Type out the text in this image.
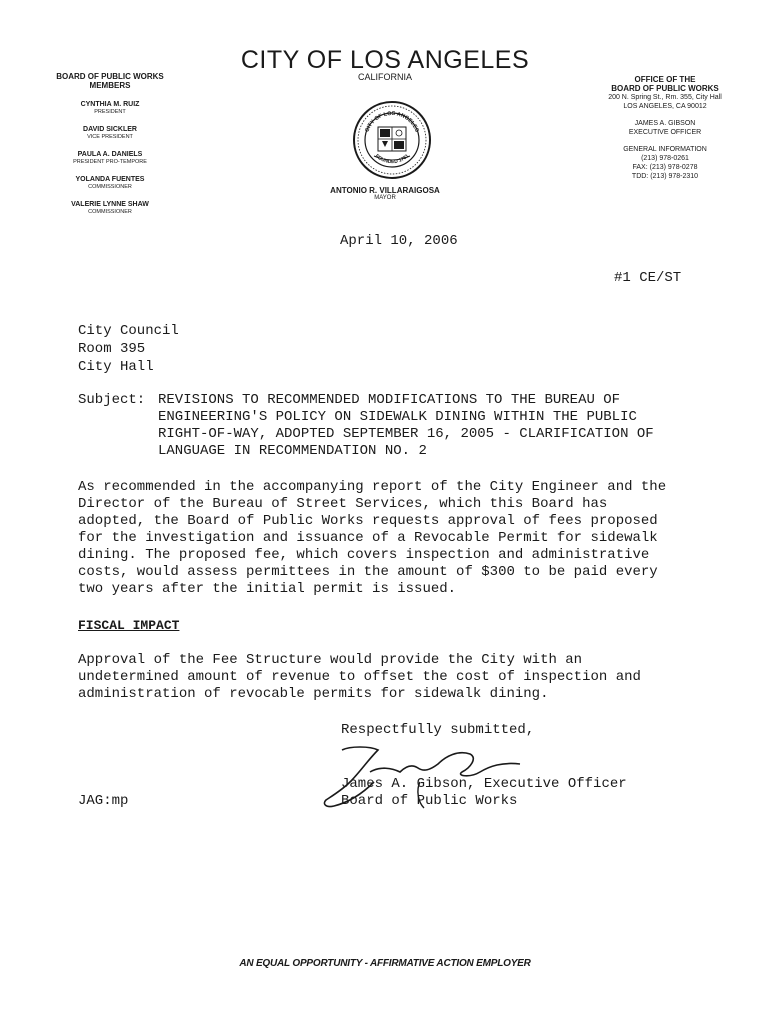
CITY OF LOS ANGELES
CALIFORNIA
BOARD OF PUBLIC WORKS
MEMBERS
CYNTHIA M. RUIZ
PRESIDENT
DAVID SICKLER
VICE PRESIDENT
PAULA A. DANIELS
PRESIDENT PRO-TEMPORE
YOLANDA FUENTES
COMMISSIONER
VALERIE LYNNE SHAW
COMMISSIONER
CITY OF LOS ANGELES
FOUNDED 1781
ANTONIO R. VILLARAIGOSA
MAYOR
OFFICE OF THE
BOARD OF PUBLIC WORKS
200 N. Spring St., Rm. 355, City Hall
LOS ANGELES, CA 90012
JAMES A. GIBSON
EXECUTIVE OFFICER
GENERAL INFORMATION
(213) 978-0261
FAX: (213) 978-0278
TDD: (213) 978-2310
April 10, 2006
#1 CE/ST
City Council
Room 395
City Hall
Subject: REVISIONS TO RECOMMENDED MODIFICATIONS TO THE BUREAU OF
ENGINEERING'S POLICY ON SIDEWALK DINING WITHIN THE PUBLIC
RIGHT-OF-WAY, ADOPTED SEPTEMBER 16, 2005 - CLARIFICATION OF
LANGUAGE IN RECOMMENDATION NO. 2
As recommended in the accompanying report of the City Engineer and the
Director of the Bureau of Street Services, which this Board has
adopted, the Board of Public Works requests approval of fees proposed
for the investigation and issuance of a Revocable Permit for sidewalk
dining. The proposed fee, which covers inspection and administrative
costs, would assess permittees in the amount of $300 to be paid every
two years after the initial permit is issued.
FISCAL IMPACT
Approval of the Fee Structure would provide the City with an
undetermined amount of revenue to offset the cost of inspection and
administration of revocable permits for sidewalk dining.
Respectfully submitted,
James A. Gibson, Executive Officer
Board of Public Works
JAG:mp
AN EQUAL OPPORTUNITY - AFFIRMATIVE ACTION EMPLOYER
